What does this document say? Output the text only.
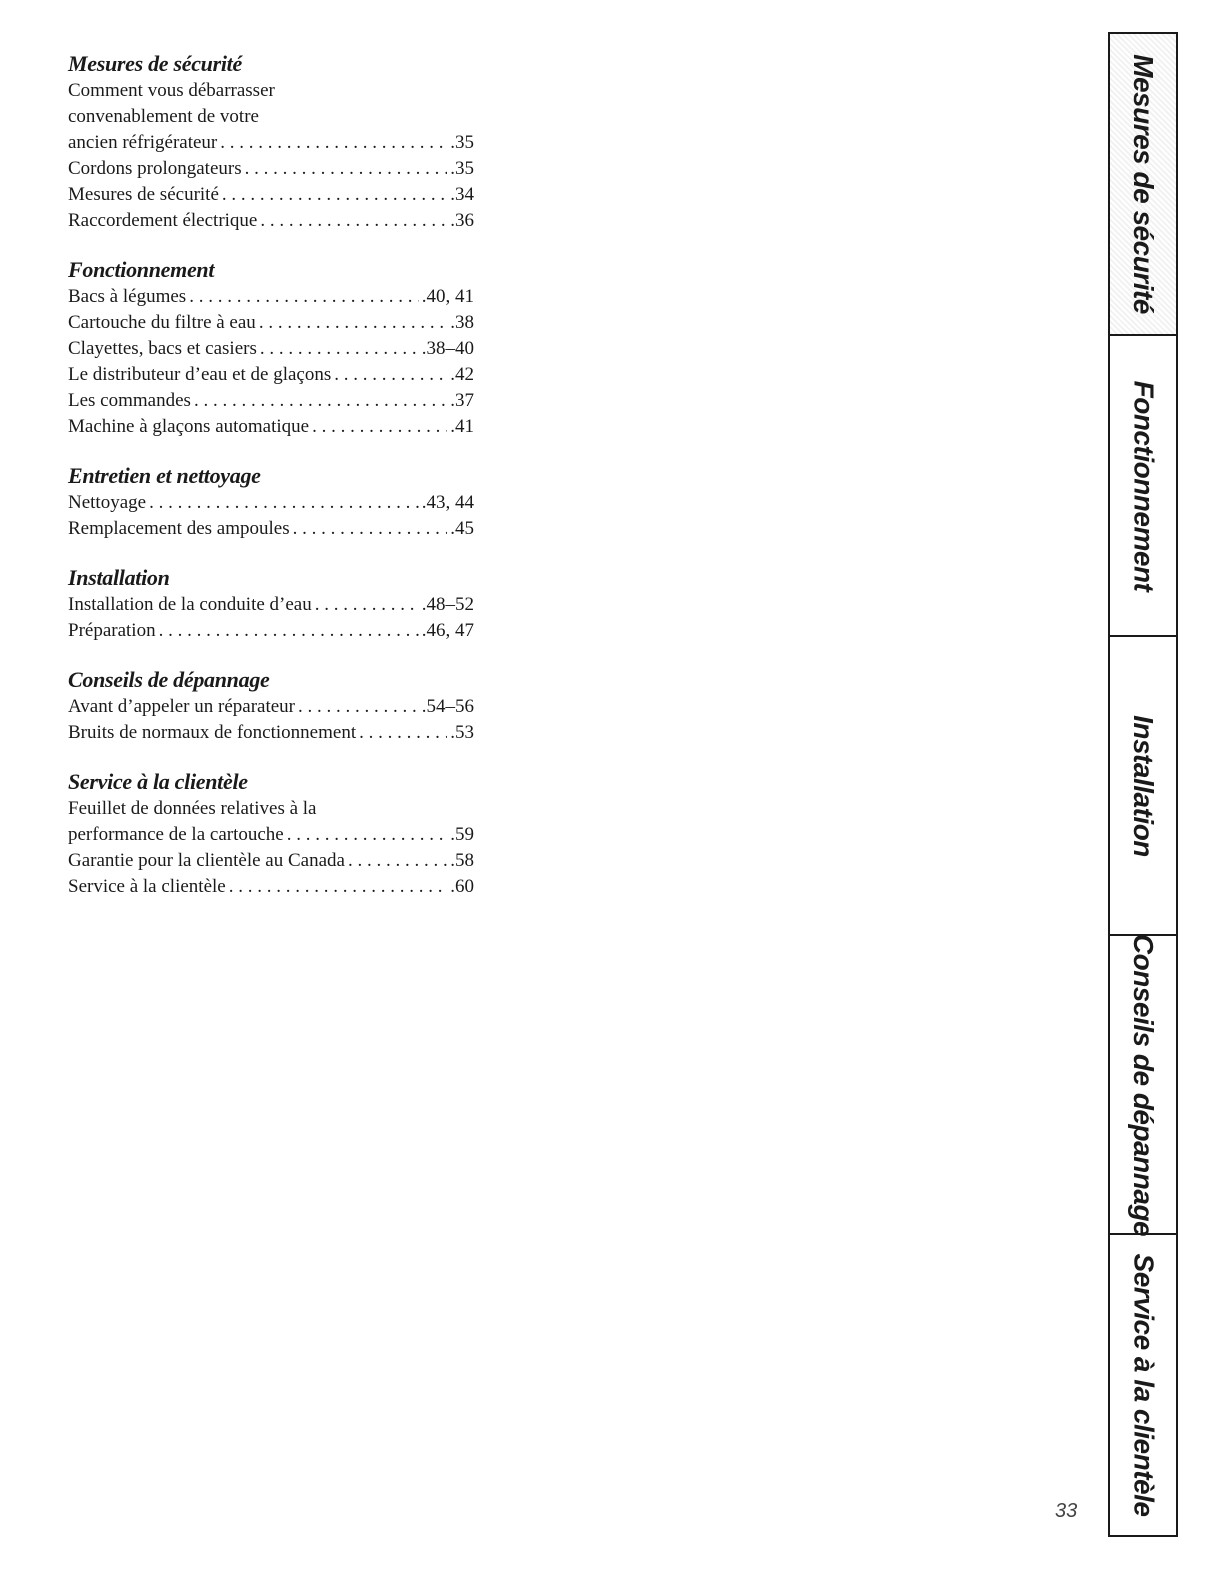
Mesures de sécurité
Comment vous débarrasser
convenablement de votre
ancien réfrigérateur . . .	.35
Cordons prolongateurs . . .	.35
Mesures de sécurité . . .	.34
Raccordement électrique . . .	.36
Fonctionnement
Bacs à légumes . . .	.40, 41
Cartouche du filtre à eau . . .	.38
Clayettes, bacs et casiers . . .	.38–40
Le distributeur d’eau et de glaçons . . .	.42
Les commandes . . .	.37
Machine à glaçons automatique . . .	.41
Entretien et nettoyage
Nettoyage . . .	.43, 44
Remplacement des ampoules . . .	.45
Installation
Installation de la conduite d’eau . . .	.48–52
Préparation . . .	.46, 47
Conseils de dépannage
Avant d’appeler un réparateur . . .	.54–56
Bruits de normaux de fonctionnement . . .	.53
Service à la clientèle
Feuillet de données relatives à la
performance de la cartouche . . .	.59
Garantie pour la clientèle au Canada . . .	.58
Service à la clientèle . . .	.60
Mesures de sécurité
Fonctionnement
Installation
Conseils de dépannage
Service à la clientèle
33
